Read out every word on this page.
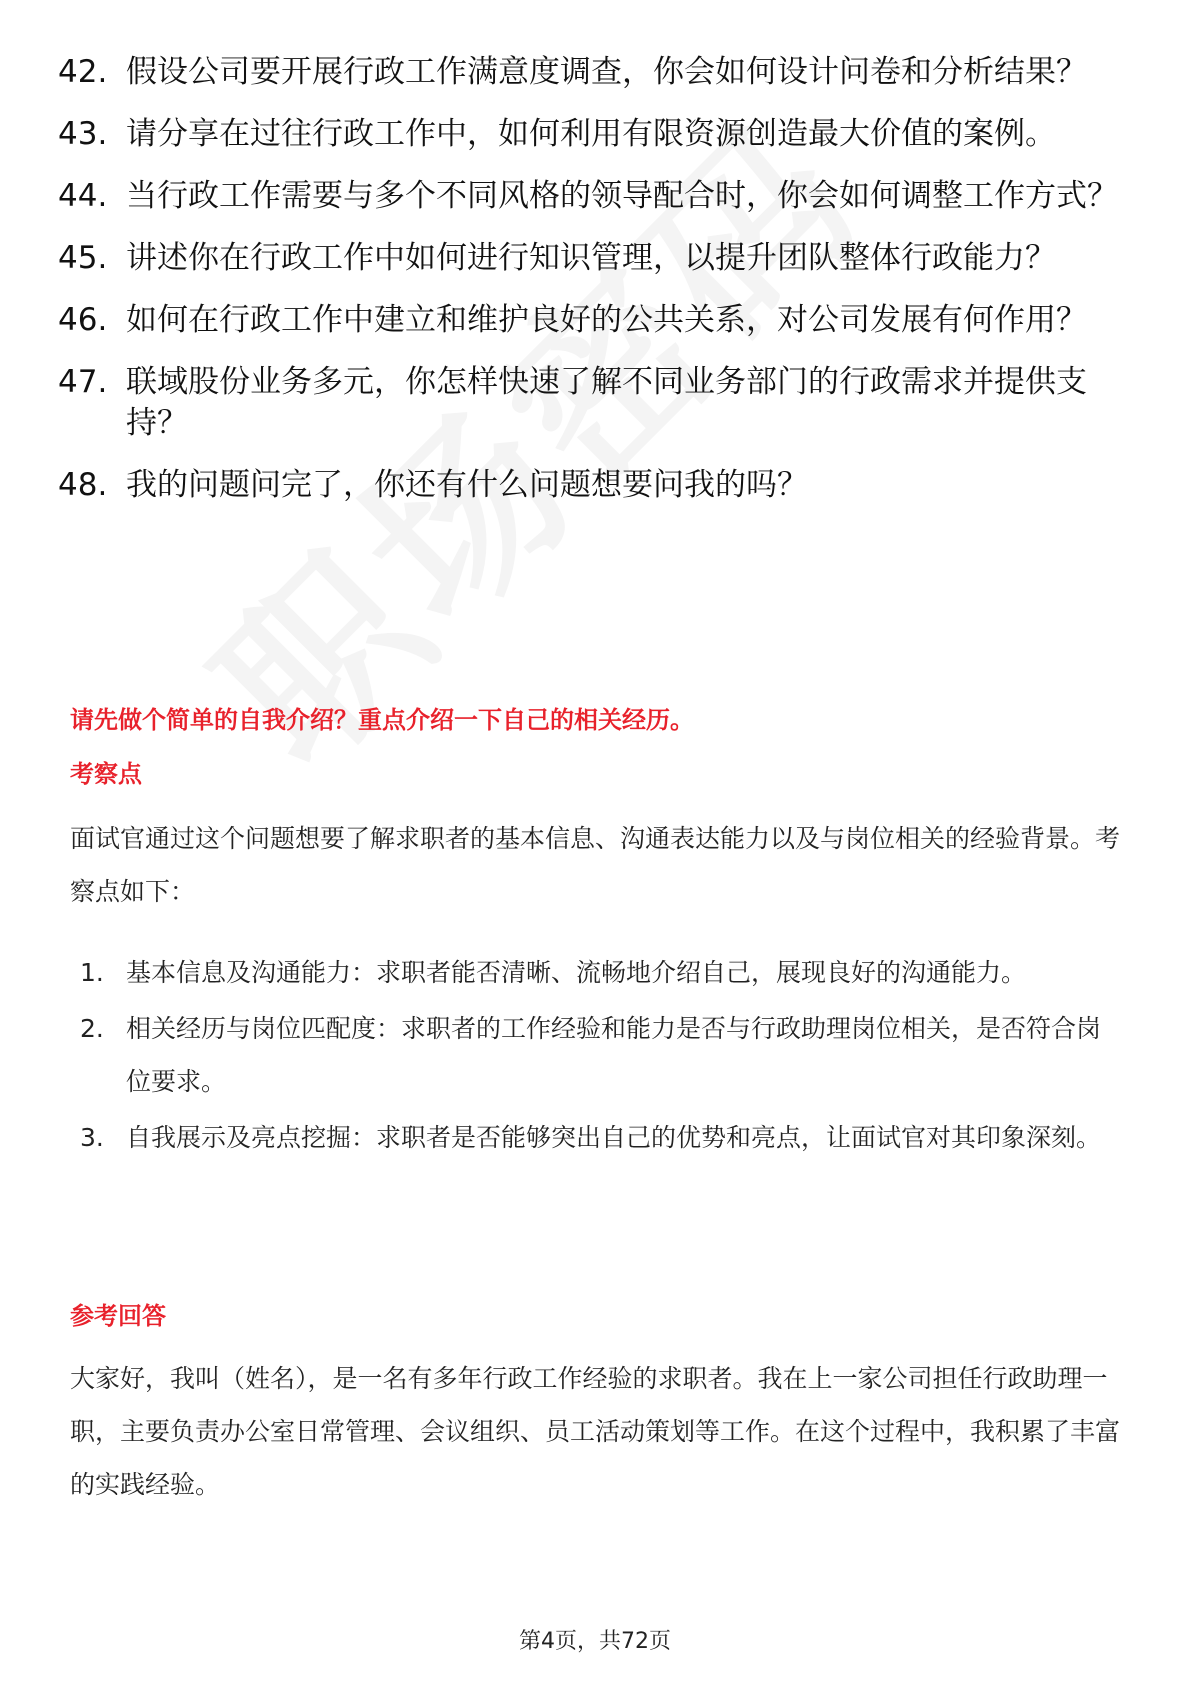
42. 假设公司要开展行政工作满意度调查，你会如何设计问卷和分析结果？
43. 请分享在过往行政工作中，如何利用有限资源创造最大价值的案例。
44. 当行政工作需要与多个不同风格的领导配合时，你会如何调整工作方式？
45. 讲述你在行政工作中如何进行知识管理，以提升团队整体行政能力？
46. 如何在行政工作中建立和维护良好的公共关系，对公司发展有何作用？
47. 联域股份业务多元，你怎样快速了解不同业务部门的行政需求并提供支持？
48. 我的问题问完了，你还有什么问题想要问我的吗？
请先做个简单的自我介绍？重点介绍一下自己的相关经历。
考察点
面试官通过这个问题想要了解求职者的基本信息、沟通表达能力以及与岗位相关的经验背景。考察点如下：
1. 基本信息及沟通能力：求职者能否清晰、流畅地介绍自己，展现良好的沟通能力。
2. 相关经历与岗位匹配度：求职者的工作经验和能力是否与行政助理岗位相关，是否符合岗位要求。
3. 自我展示及亮点挖掘：求职者是否能够突出自己的优势和亮点，让面试官对其印象深刻。
参考回答
大家好，我叫（姓名），是一名有多年行政工作经验的求职者。我在上一家公司担任行政助理一职，主要负责办公室日常管理、会议组织、员工活动策划等工作。在这个过程中，我积累了丰富的实践经验。
第4页，共72页
